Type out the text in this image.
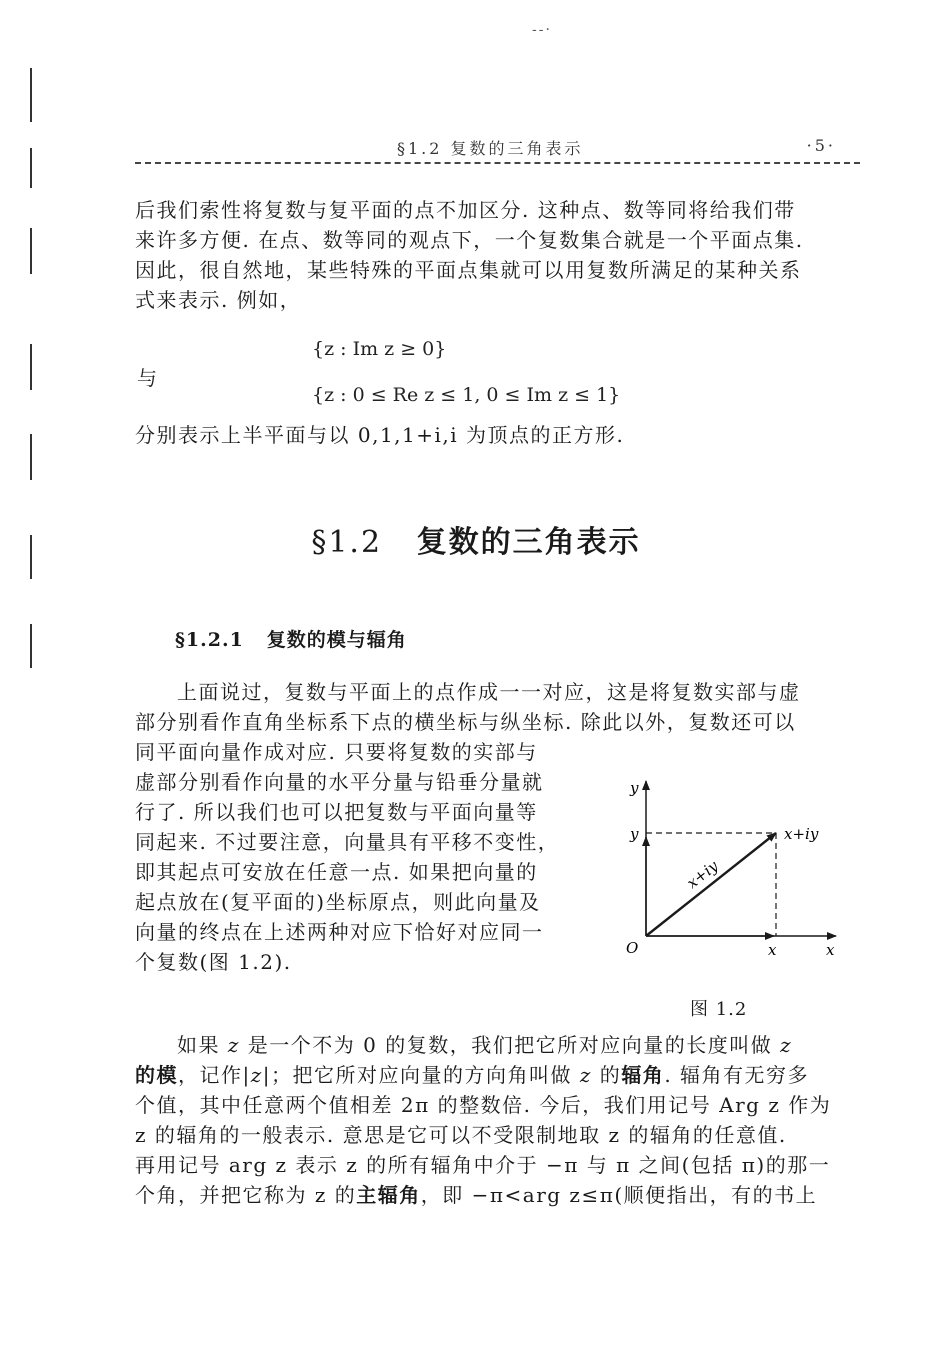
--·
§1.2 复数的三角表示	·5·
后我们索性将复数与复平面的点不加区分. 这种点、数等同将给我们带
来许多方便. 在点、数等同的观点下，一个复数集合就是一个平面点集.
因此，很自然地，某些特殊的平面点集就可以用复数所满足的某种关系
式来表示. 例如，
{z : Im z ≥ 0}
与
{z : 0 ≤ Re z ≤ 1, 0 ≤ Im z ≤ 1}
分别表示上半平面与以 0,1,1+i,i 为顶点的正方形.
§1.2 复数的三角表示
§1.2.1 复数的模与辐角
上面说过，复数与平面上的点作成一一对应，这是将复数实部与虚
部分别看作直角坐标系下点的横坐标与纵坐标. 除此以外，复数还可以
同平面向量作成对应. 只要将复数的实部与
虚部分别看作向量的水平分量与铅垂分量就
行了. 所以我们也可以把复数与平面向量等
同起来. 不过要注意，向量具有平移不变性，
即其起点可安放在任意一点. 如果把向量的
起点放在(复平面的)坐标原点，则此向量及
向量的终点在上述两种对应下恰好对应同一
个复数(图 1.2).
y
y
O	x	x
x+iy
x+iy
图 1.2
如果 z 是一个不为 0 的复数，我们把它所对应向量的长度叫做 z
的模，记作|z|；把它所对应向量的方向角叫做 z 的辐角. 辐角有无穷多
个值，其中任意两个值相差 2π 的整数倍. 今后，我们用记号 Arg z 作为
z 的辐角的一般表示. 意思是它可以不受限制地取 z 的辐角的任意值.
再用记号 arg z 表示 z 的所有辐角中介于 −π 与 π 之间(包括 π)的那一
个角，并把它称为 z 的主辐角，即 −π<arg z≤π(顺便指出，有的书上
